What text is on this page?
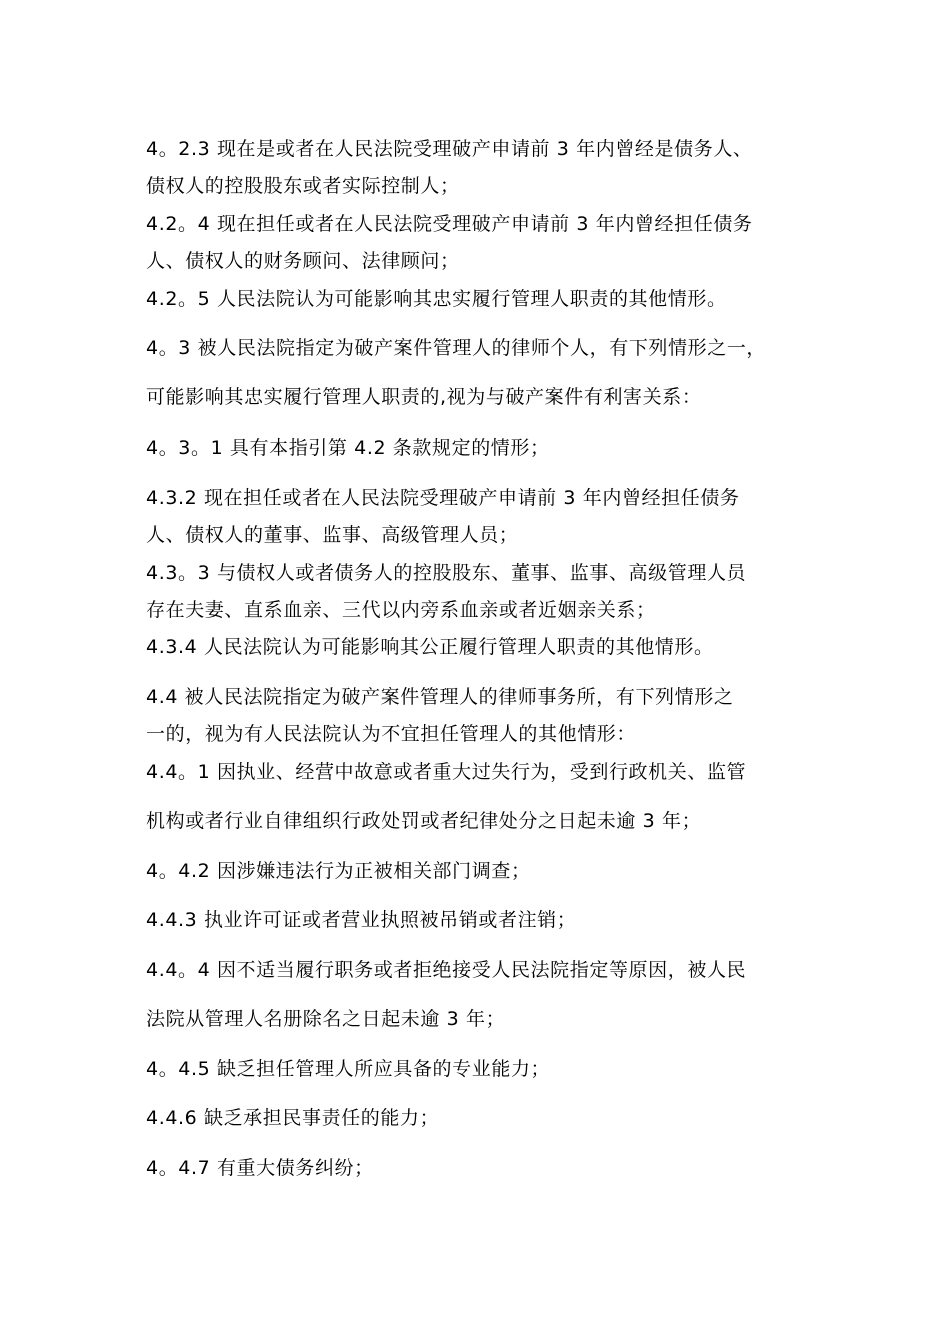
4。2.3 现在是或者在人民法院受理破产申请前 3 年内曾经是债务人、
债权人的控股股东或者实际控制人；
4.2。4 现在担任或者在人民法院受理破产申请前 3 年内曾经担任债务
人、债权人的财务顾问、法律顾问；
4.2。5 人民法院认为可能影响其忠实履行管理人职责的其他情形。
4。3 被人民法院指定为破产案件管理人的律师个人，有下列情形之一，
可能影响其忠实履行管理人职责的,视为与破产案件有利害关系：
4。3。1 具有本指引第 4.2 条款规定的情形；
4.3.2 现在担任或者在人民法院受理破产申请前 3 年内曾经担任债务
人、债权人的董事、监事、高级管理人员；
4.3。3 与债权人或者债务人的控股股东、董事、监事、高级管理人员
存在夫妻、直系血亲、三代以内旁系血亲或者近姻亲关系；
4.3.4 人民法院认为可能影响其公正履行管理人职责的其他情形。
4.4 被人民法院指定为破产案件管理人的律师事务所，有下列情形之
一的，视为有人民法院认为不宜担任管理人的其他情形：
4.4。1 因执业、经营中故意或者重大过失行为，受到行政机关、监管
机构或者行业自律组织行政处罚或者纪律处分之日起未逾 3 年；
4。4.2 因涉嫌违法行为正被相关部门调查；
4.4.3 执业许可证或者营业执照被吊销或者注销；
4.4。4 因不适当履行职务或者拒绝接受人民法院指定等原因，被人民
法院从管理人名册除名之日起未逾 3 年；
4。4.5 缺乏担任管理人所应具备的专业能力；
4.4.6 缺乏承担民事责任的能力；
4。4.7 有重大债务纠纷；
